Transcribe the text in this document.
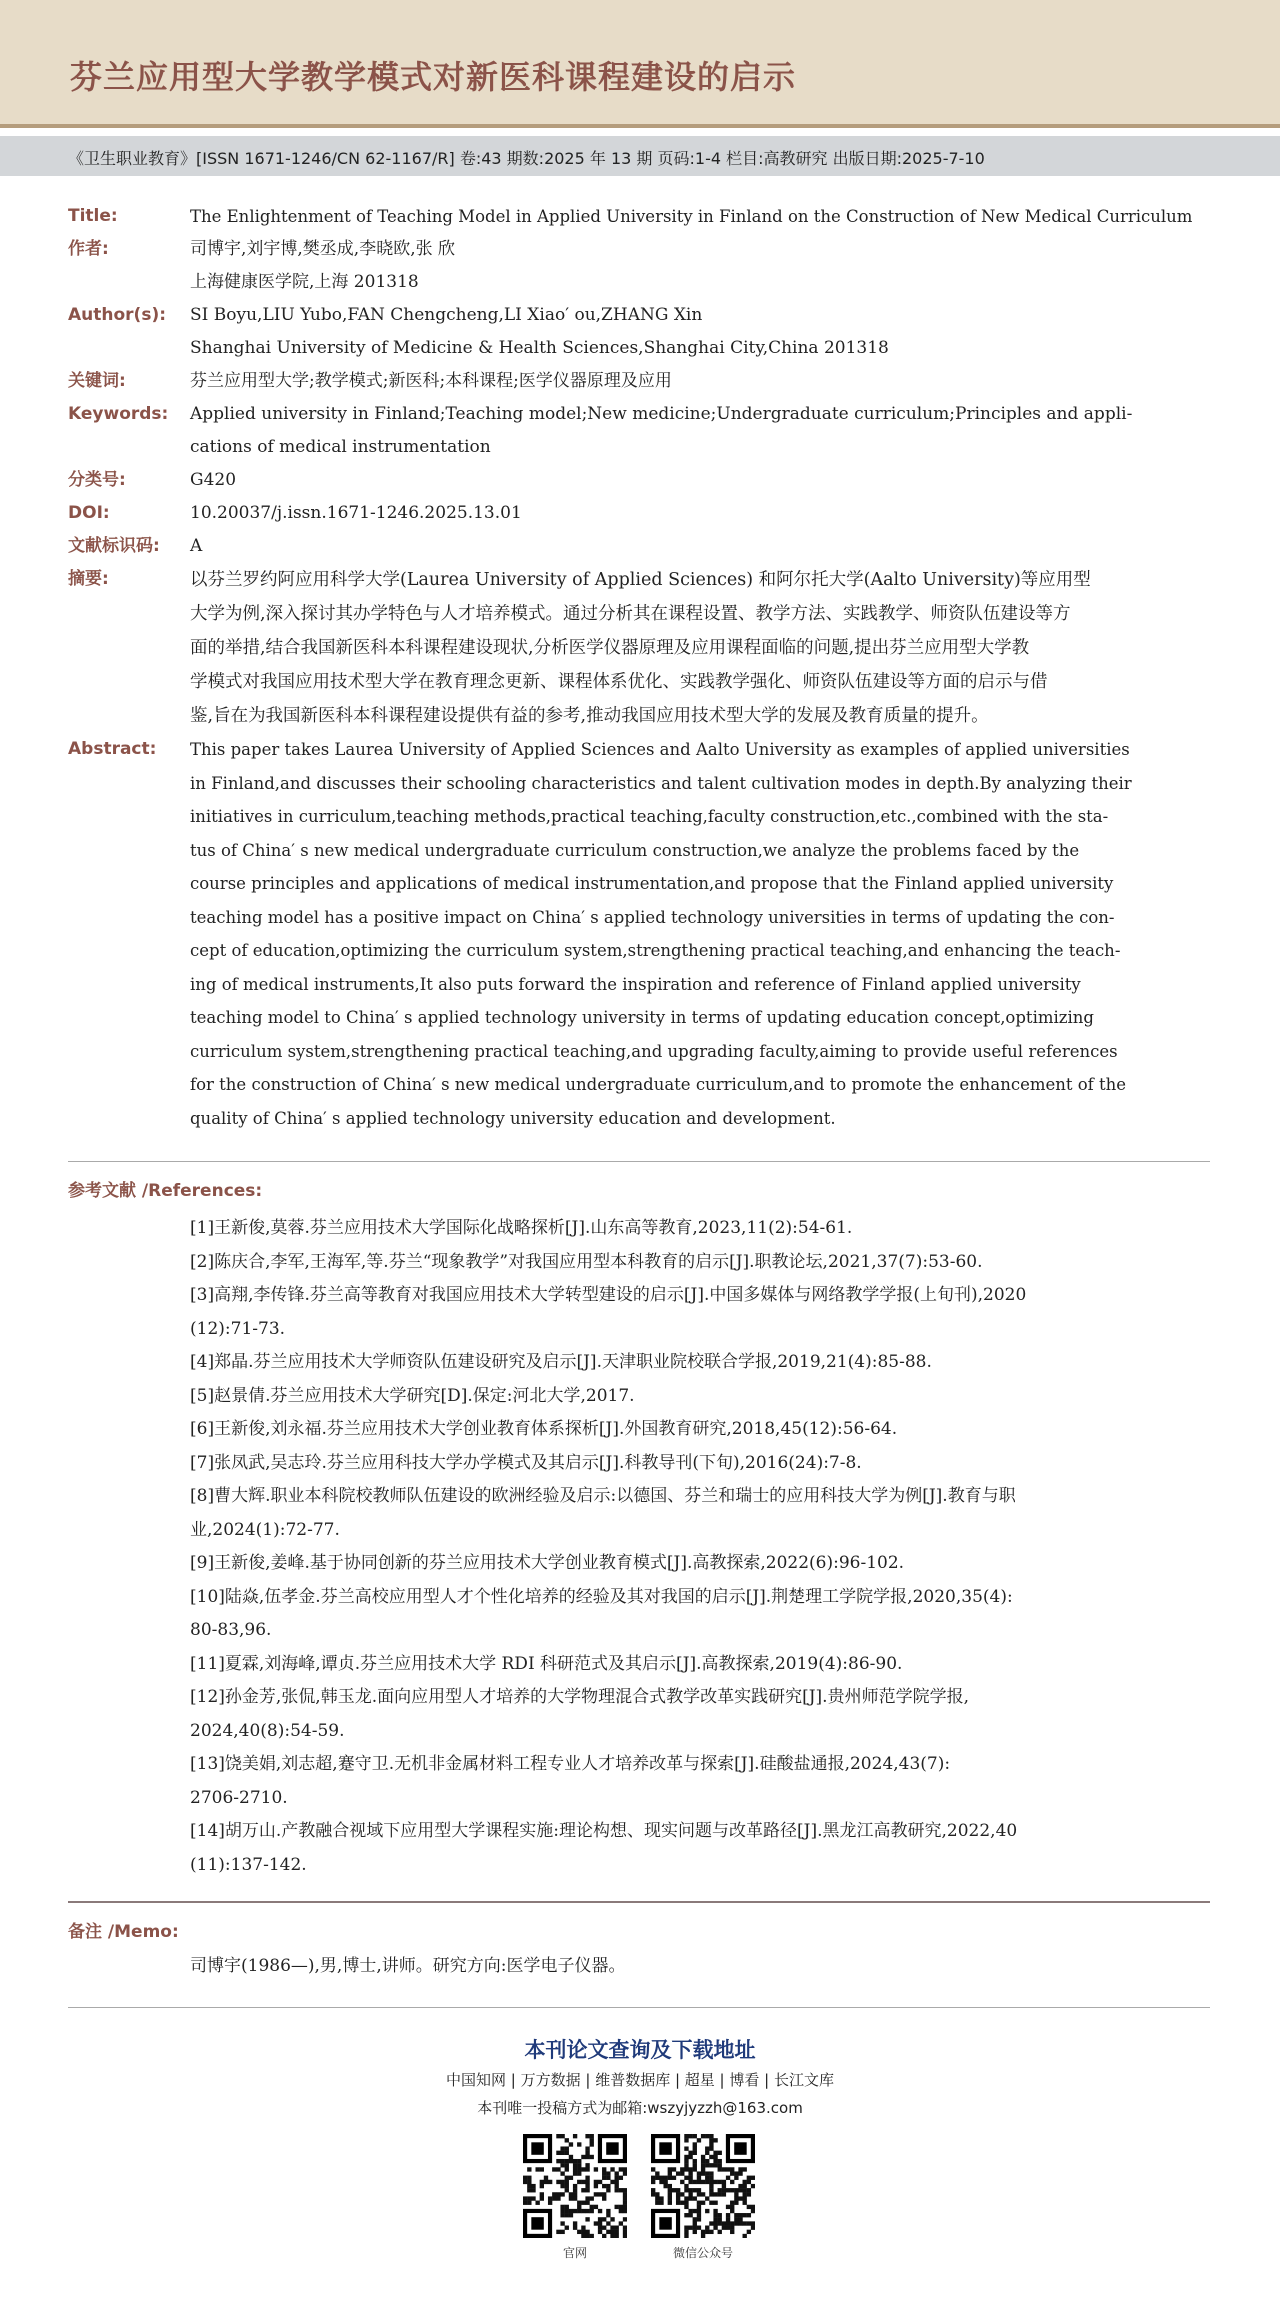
芬兰应用型大学教学模式对新医科课程建设的启示
《卫生职业教育》[ISSN 1671-1246/CN 62-1167/R] 卷:43 期数:2025 年 13 期 页码:1-4 栏目:高教研究 出版日期:2025-7-10
Title:	The Enlightenment of Teaching Model in Applied University in Finland on the Construction of New Medical Curriculum
作者:	司博宇,刘宇博,樊丞成,李晓欧,张 欣
上海健康医学院,上海 201318
Author(s): SI Boyu,LIU Yubo,FAN Chengcheng,LI Xiao′ ou,ZHANG Xin
Shanghai University of Medicine & Health Sciences,Shanghai City,China 201318
关键词:	芬兰应用型大学;教学模式;新医科;本科课程;医学仪器原理及应用
Keywords: Applied university in Finland;Teaching model;New medicine;Undergraduate curriculum;Principles and appli-
cations of medical instrumentation
分类号:	G420
DOI:	10.20037/j.issn.1671-1246.2025.13.01
文献标识码: A
摘要:	以芬兰罗约阿应用科学大学(Laurea University of Applied Sciences) 和阿尔托大学(Aalto University)等应用型
大学为例,深入探讨其办学特色与人才培养模式。通过分析其在课程设置、教学方法、实践教学、师资队伍建设等方
面的举措,结合我国新医科本科课程建设现状,分析医学仪器原理及应用课程面临的问题,提出芬兰应用型大学教
学模式对我国应用技术型大学在教育理念更新、课程体系优化、实践教学强化、师资队伍建设等方面的启示与借
鉴,旨在为我国新医科本科课程建设提供有益的参考,推动我国应用技术型大学的发展及教育质量的提升。
Abstract: This paper takes Laurea University of Applied Sciences and Aalto University as examples of applied universities
in Finland,and discusses their schooling characteristics and talent cultivation modes in depth.By analyzing their
initiatives in curriculum,teaching methods,practical teaching,faculty construction,etc.,combined with the sta-
tus of China′ s new medical undergraduate curriculum construction,we analyze the problems faced by the
course principles and applications of medical instrumentation,and propose that the Finland applied university
teaching model has a positive impact on China′ s applied technology universities in terms of updating the con-
cept of education,optimizing the curriculum system,strengthening practical teaching,and enhancing the teach-
ing of medical instruments,It also puts forward the inspiration and reference of Finland applied university
teaching model to China′ s applied technology university in terms of updating education concept,optimizing
curriculum system,strengthening practical teaching,and upgrading faculty,aiming to provide useful references
for the construction of China′ s new medical undergraduate curriculum,and to promote the enhancement of the
quality of China′ s applied technology university education and development.
参考文献 /References:
[1]王新俊,莫蓉.芬兰应用技术大学国际化战略探析[J].山东高等教育,2023,11(2):54-61.
[2]陈庆合,李军,王海军,等.芬兰“现象教学”对我国应用型本科教育的启示[J].职教论坛,2021,37(7):53-60.
[3]高翔,李传锋.芬兰高等教育对我国应用技术大学转型建设的启示[J].中国多媒体与网络教学学报(上旬刊),2020
(12):71-73.
[4]郑晶.芬兰应用技术大学师资队伍建设研究及启示[J].天津职业院校联合学报,2019,21(4):85-88.
[5]赵景倩.芬兰应用技术大学研究[D].保定:河北大学,2017.
[6]王新俊,刘永福.芬兰应用技术大学创业教育体系探析[J].外国教育研究,2018,45(12):56-64.
[7]张凤武,吴志玲.芬兰应用科技大学办学模式及其启示[J].科教导刊(下旬),2016(24):7-8.
[8]曹大辉.职业本科院校教师队伍建设的欧洲经验及启示:以德国、芬兰和瑞士的应用科技大学为例[J].教育与职
业,2024(1):72-77.
[9]王新俊,姜峰.基于协同创新的芬兰应用技术大学创业教育模式[J].高教探索,2022(6):96-102.
[10]陆焱,伍孝金.芬兰高校应用型人才个性化培养的经验及其对我国的启示[J].荆楚理工学院学报,2020,35(4):
80-83,96.
[11]夏霖,刘海峰,谭贞.芬兰应用技术大学 RDI 科研范式及其启示[J].高教探索,2019(4):86-90.
[12]孙金芳,张侃,韩玉龙.面向应用型人才培养的大学物理混合式教学改革实践研究[J].贵州师范学院学报,
2024,40(8):54-59.
[13]饶美娟,刘志超,蹇守卫.无机非金属材料工程专业人才培养改革与探索[J].硅酸盐通报,2024,43(7):
2706-2710.
[14]胡万山.产教融合视域下应用型大学课程实施:理论构想、现实问题与改革路径[J].黑龙江高教研究,2022,40
(11):137-142.
备注 /Memo:
司博宇(1986—),男,博士,讲师。研究方向:医学电子仪器。
本刊论文查询及下载地址
中国知网 | 万方数据 | 维普数据库 | 超星 | 博看 | 长江文库
本刊唯一投稿方式为邮箱:wszyjyzzh@163.com
官网	微信公众号
